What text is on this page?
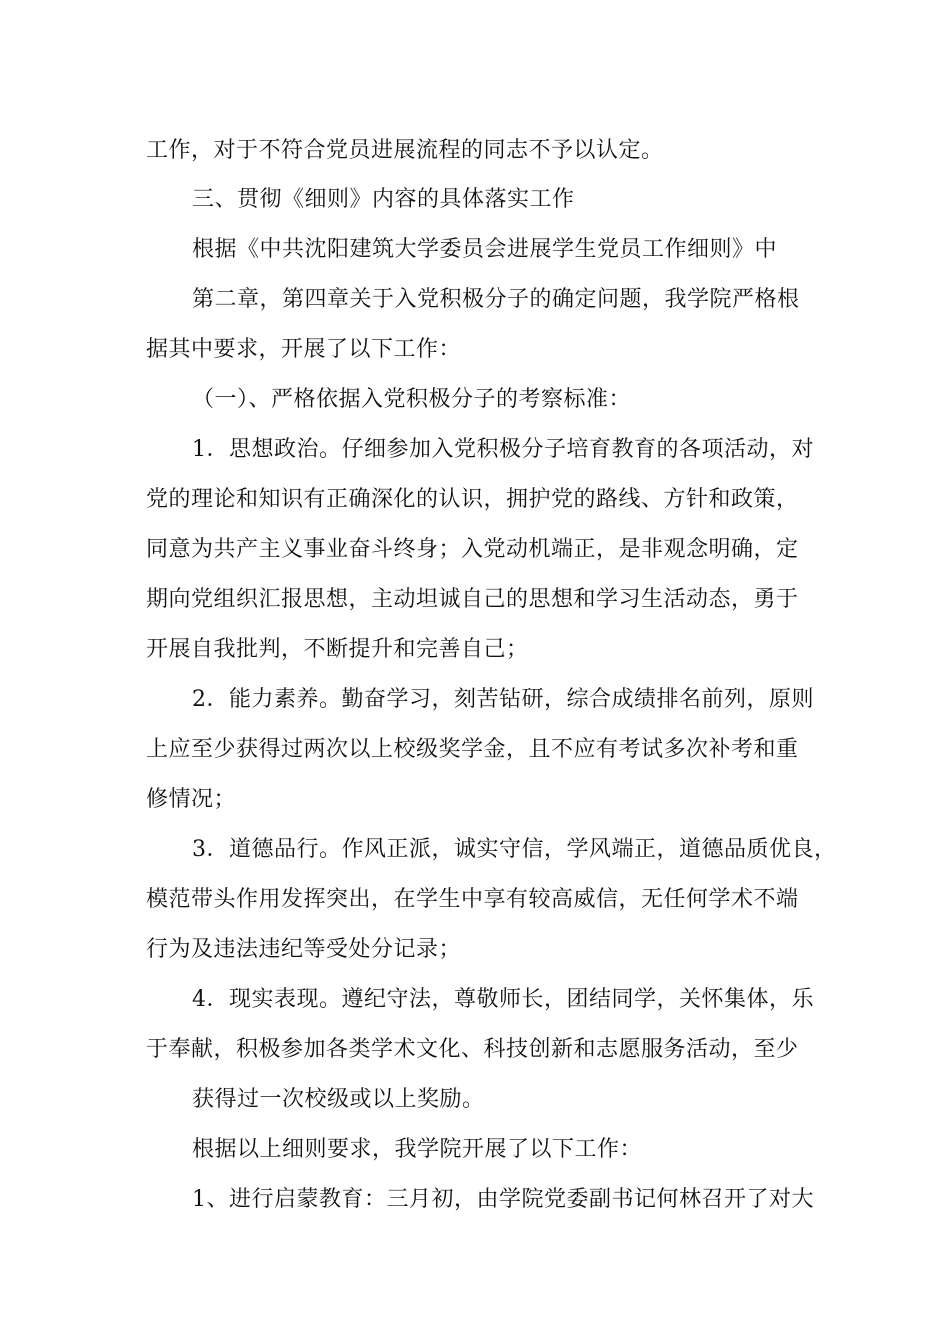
工作，对于不符合党员进展流程的同志不予以认定。
三、贯彻《细则》内容的具体落实工作
根据《中共沈阳建筑大学委员会进展学生党员工作细则》中
第二章，第四章关于入党积极分子的确定问题，我学院严格根
据其中要求，开展了以下工作：
（一）、严格依据入党积极分子的考察标准：
1．思想政治。仔细参加入党积极分子培育教育的各项活动，对
党的理论和知识有正确深化的认识，拥护党的路线、方针和政策，
同意为共产主义事业奋斗终身；入党动机端正，是非观念明确，定
期向党组织汇报思想，主动坦诚自己的思想和学习生活动态，勇于
开展自我批判，不断提升和完善自己；
2．能力素养。勤奋学习，刻苦钻研，综合成绩排名前列，原则
上应至少获得过两次以上校级奖学金，且不应有考试多次补考和重
修情况；
3．道德品行。作风正派，诚实守信，学风端正，道德品质优良，
模范带头作用发挥突出，在学生中享有较高威信，无任何学术不端
行为及违法违纪等受处分记录；
4．现实表现。遵纪守法，尊敬师长，团结同学，关怀集体，乐
于奉献，积极参加各类学术文化、科技创新和志愿服务活动，至少
获得过一次校级或以上奖励。
根据以上细则要求，我学院开展了以下工作：
1、进行启蒙教育：三月初，由学院党委副书记何林召开了对大
